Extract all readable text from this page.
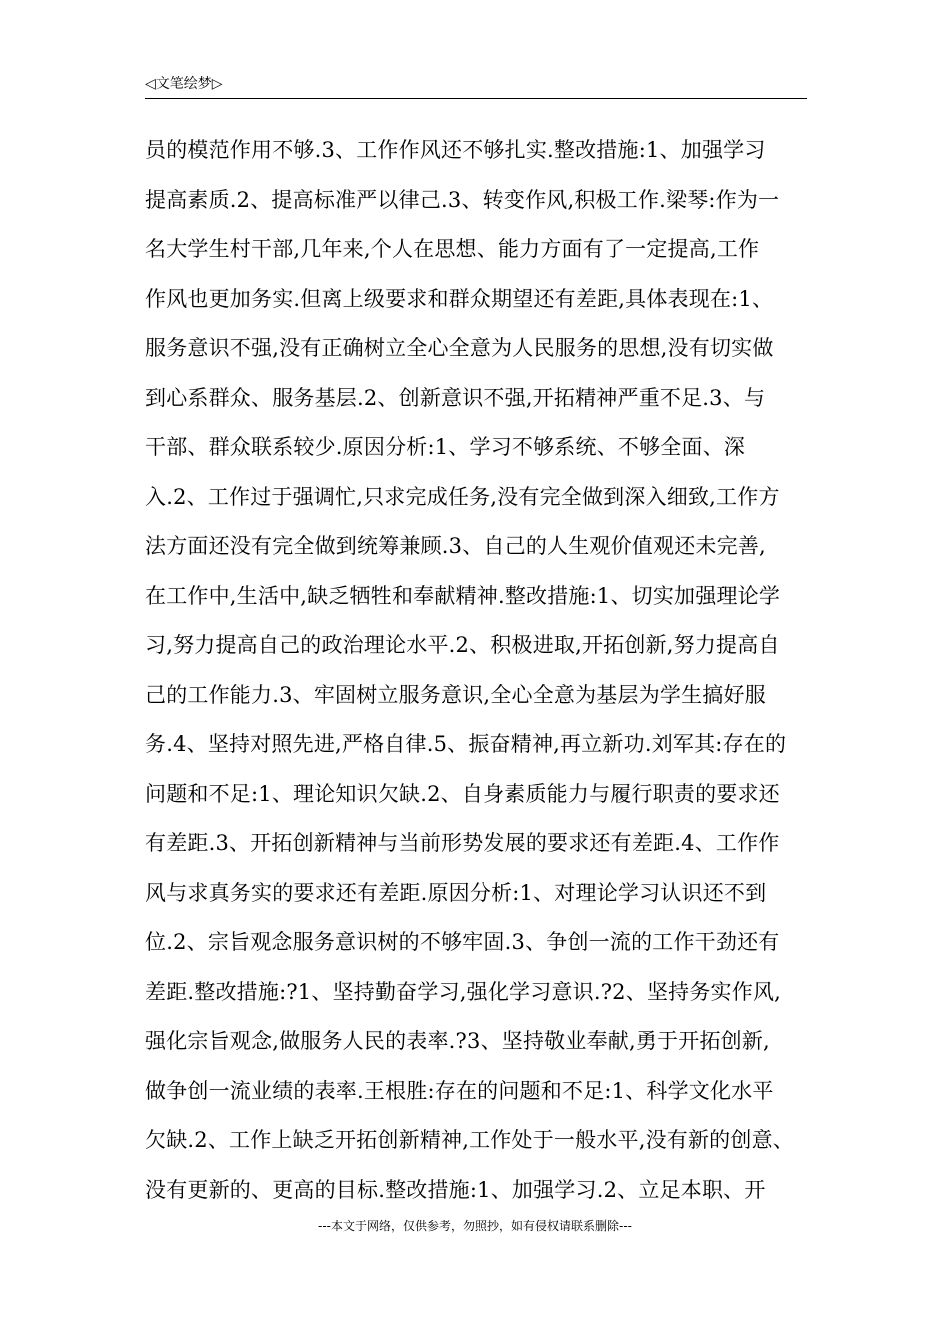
◁文笔绘梦▷
员的模范作用不够.3、工作作风还不够扎实.整改措施:1、加强学习
提高素质.2、提高标准严以律己.3、转变作风,积极工作.梁琴:作为一
名大学生村干部,几年来,个人在思想、能力方面有了一定提高,工作
作风也更加务实.但离上级要求和群众期望还有差距,具体表现在:1、
服务意识不强,没有正确树立全心全意为人民服务的思想,没有切实做
到心系群众、服务基层.2、创新意识不强,开拓精神严重不足.3、与
干部、群众联系较少.原因分析:1、学习不够系统、不够全面、深
入.2、工作过于强调忙,只求完成任务,没有完全做到深入细致,工作方
法方面还没有完全做到统筹兼顾.3、自己的人生观价值观还未完善,
在工作中,生活中,缺乏牺牲和奉献精神.整改措施:1、切实加强理论学
习,努力提高自己的政治理论水平.2、积极进取,开拓创新,努力提高自
己的工作能力.3、牢固树立服务意识,全心全意为基层为学生搞好服
务.4、坚持对照先进,严格自律.5、振奋精神,再立新功.刘军其:存在的
问题和不足:1、理论知识欠缺.2、自身素质能力与履行职责的要求还
有差距.3、开拓创新精神与当前形势发展的要求还有差距.4、工作作
风与求真务实的要求还有差距.原因分析:1、对理论学习认识还不到
位.2、宗旨观念服务意识树的不够牢固.3、争创一流的工作干劲还有
差距.整改措施:?1、坚持勤奋学习,强化学习意识.?2、坚持务实作风,
强化宗旨观念,做服务人民的表率.?3、坚持敬业奉献,勇于开拓创新,
做争创一流业绩的表率.王根胜:存在的问题和不足:1、科学文化水平
欠缺.2、工作上缺乏开拓创新精神,工作处于一般水平,没有新的创意、
没有更新的、更高的目标.整改措施:1、加强学习.2、立足本职、开
---本文于网络，仅供参考，勿照抄，如有侵权请联系删除---
